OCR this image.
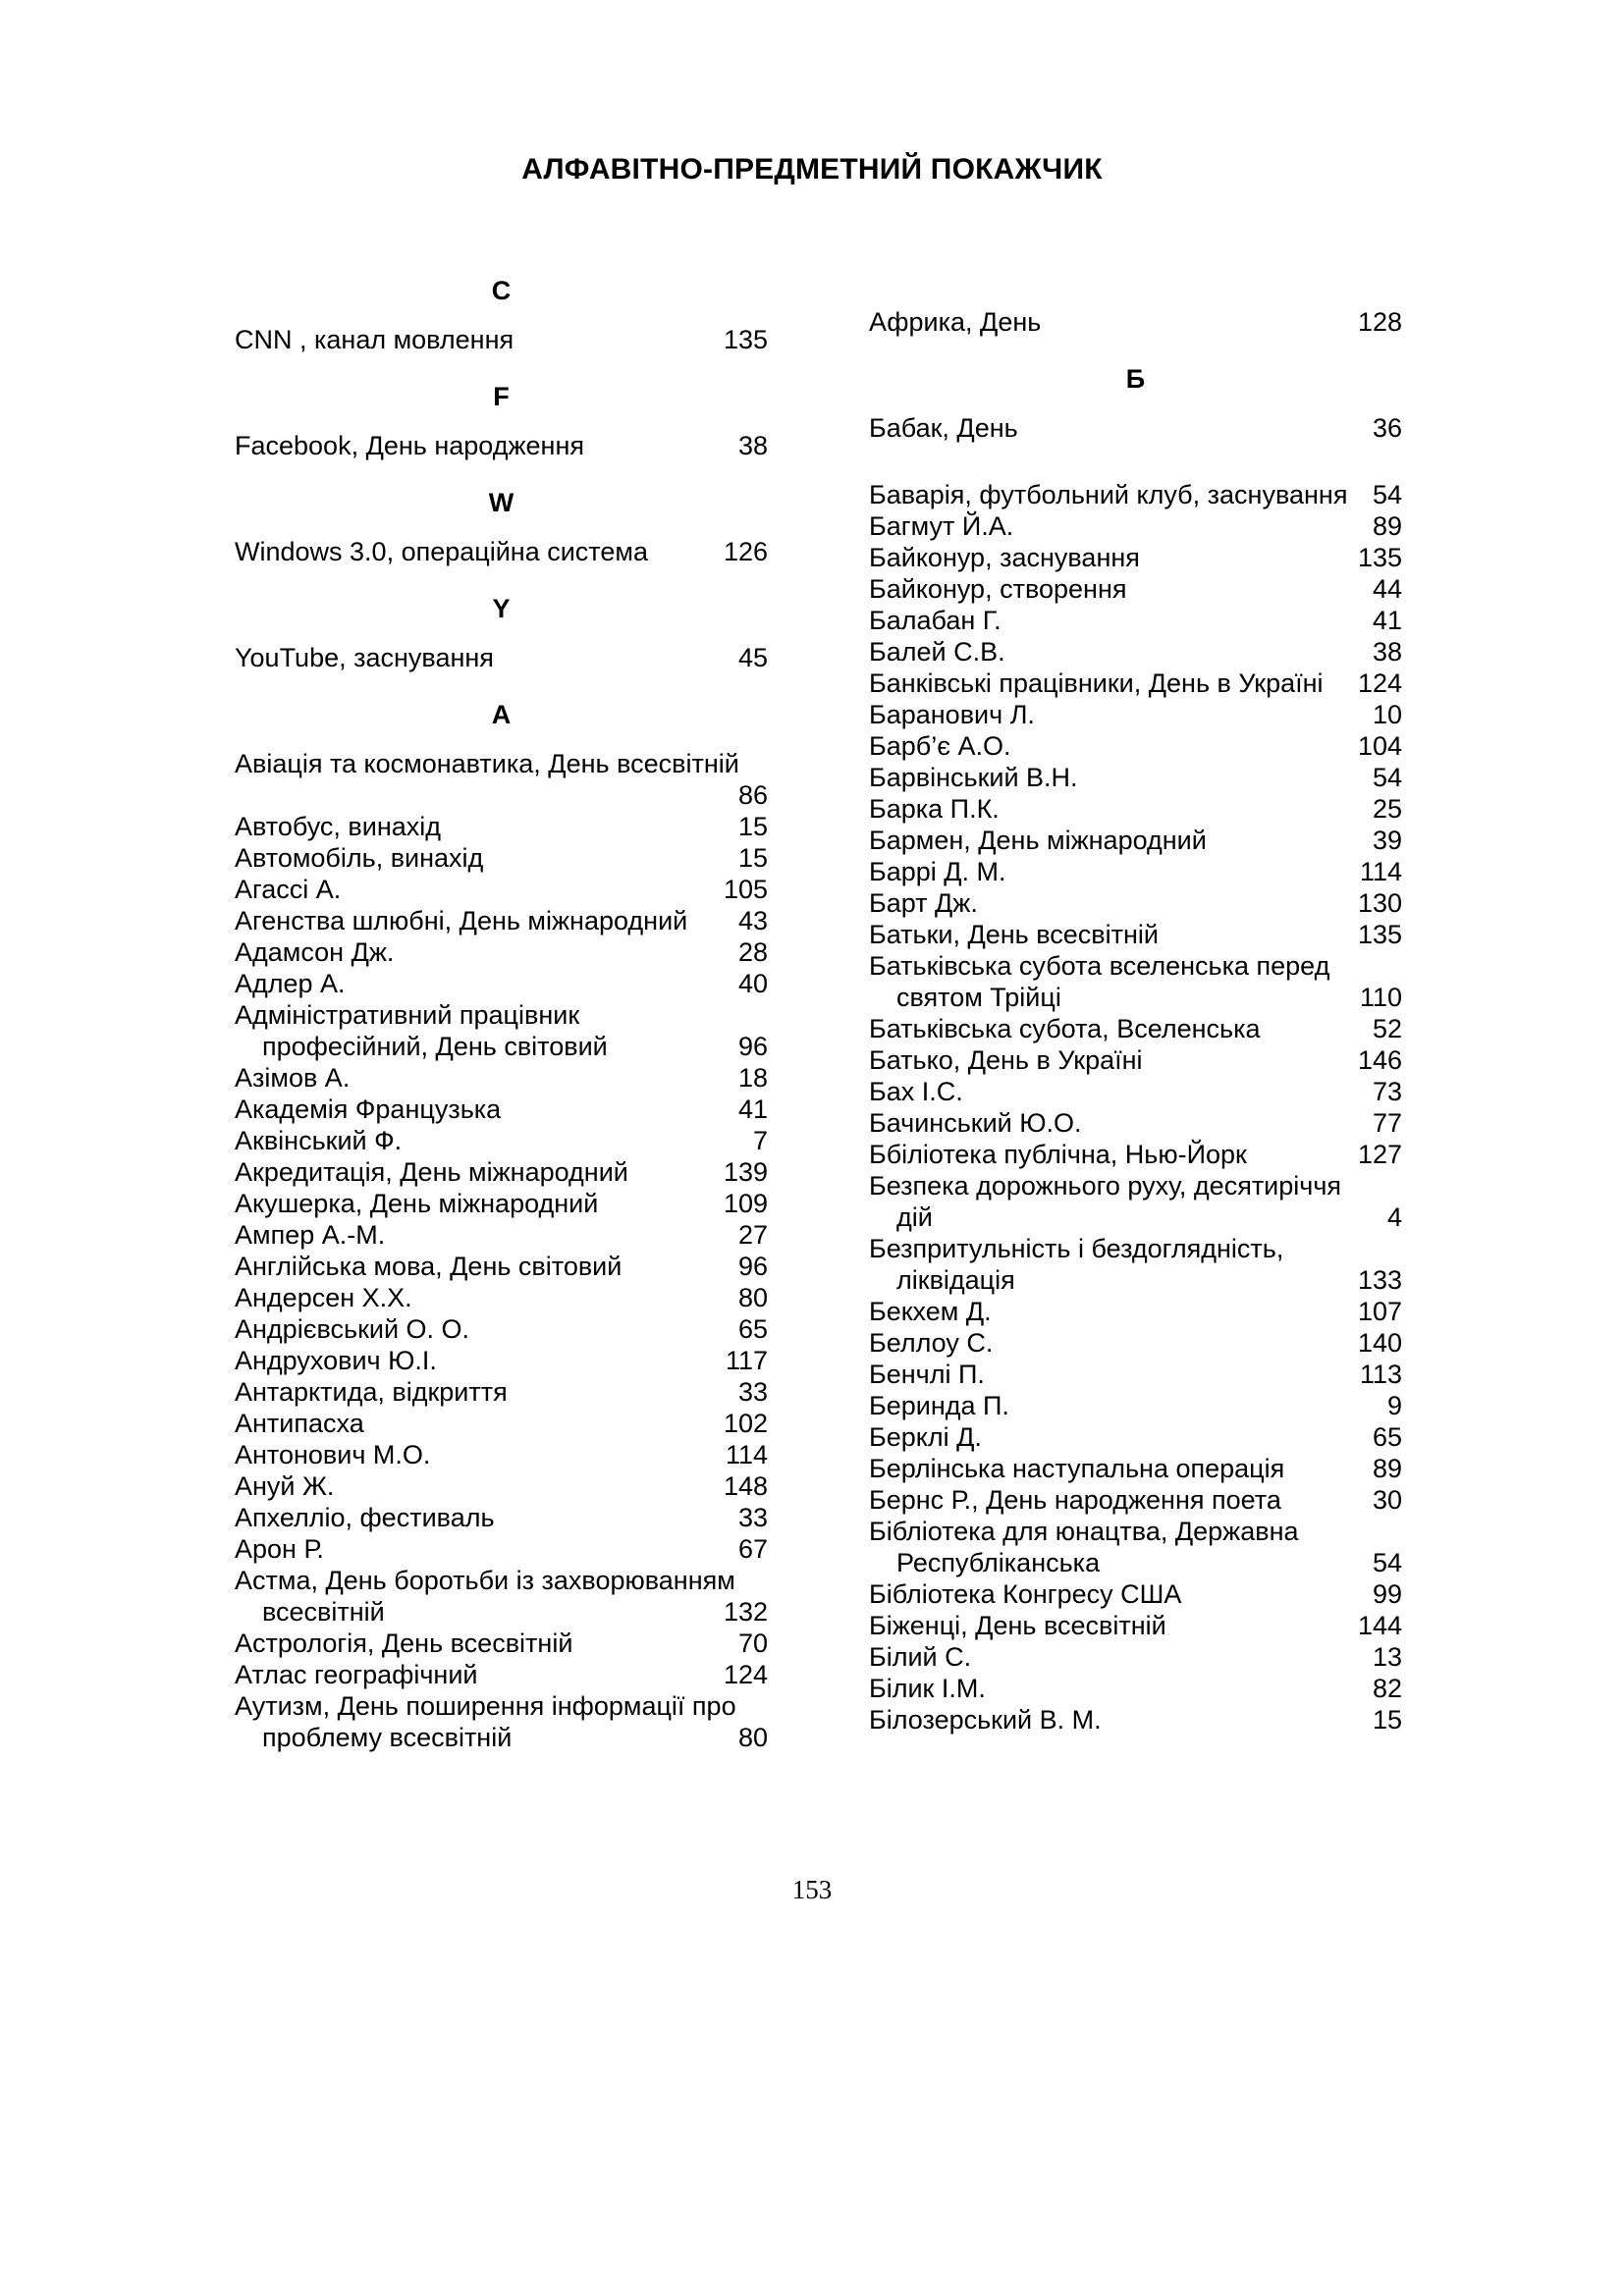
АЛФАВІТНО-ПРЕДМЕТНИЙ ПОКАЖЧИК
C
CNN , канал мовлення	135
F
Facebook, День народження	38
W
Windows 3.0, операційна система	126
Y
YouTube, заснування	45
А
Авіація та космонавтика, День всесвітній
86
Автобус, винахід	15
Автомобіль, винахід	15
Агассі А.	105
Агенства шлюбні, День міжнародний 43
Адамсон Дж.	28
Адлер А.	40
Адміністративний працівник
професійний, День світовий	96
Азімов А.	18
Академія Французька	41
Аквінський Ф.	7
Акредитація, День міжнародний	139
Акушерка, День міжнародний	109
Ампер А.-М.	27
Англійська мова, День світовий	96
Андерсен Х.Х.	80
Андрієвський О. О.	65
Андрухович Ю.І.	117
Антарктида, відкриття	33
Антипасха	102
Антонович М.О.	114
Ануй Ж.	148
Апхелліо, фестиваль	33
Арон Р.	67
Астма, День боротьби із захворюванням
всесвітній	132
Астрологія, День всесвітній	70
Атлас географічний	124
Аутизм, День поширення інформації про
проблему всесвітній	80
Африка, День	128
Б
Бабак, День	36
Баварія, футбольний клуб, заснування 54
Багмут Й.А.	89
Байконур, заснування	135
Байконур, створення	44
Балабан Г.	41
Балей С.В.	38
Банківські працівники, День в Україні 124
Баранович Л.	10
Барб’є А.О.	104
Барвінський В.Н.	54
Барка П.К.	25
Бармен, День міжнародний	39
Баррі Д. М.	114
Барт Дж.	130
Батьки, День всесвітній	135
Батьківська субота вселенська перед
святом Трійці	110
Батьківська субота, Вселенська	52
Батько, День в Україні	146
Бах І.С.	73
Бачинський Ю.О.	77
Ббіліотека публічна, Нью-Йорк	127
Безпека дорожнього руху, десятиріччя
дій	4
Безпритульність і бездоглядність,
ліквідація	133
Бекхем Д.	107
Беллоу С.	140
Бенчлі П.	113
Беринда П.	9
Берклі Д.	65
Берлінська наступальна операція	89
Бернс Р., День народження поета	30
Бібліотека для юнацтва, Державна
Республіканська	54
Бібліотека Конгресу США	99
Біженці, День всесвітній	144
Білий С.	13
Білик І.М.	82
Білозерський В. М.	15
153
